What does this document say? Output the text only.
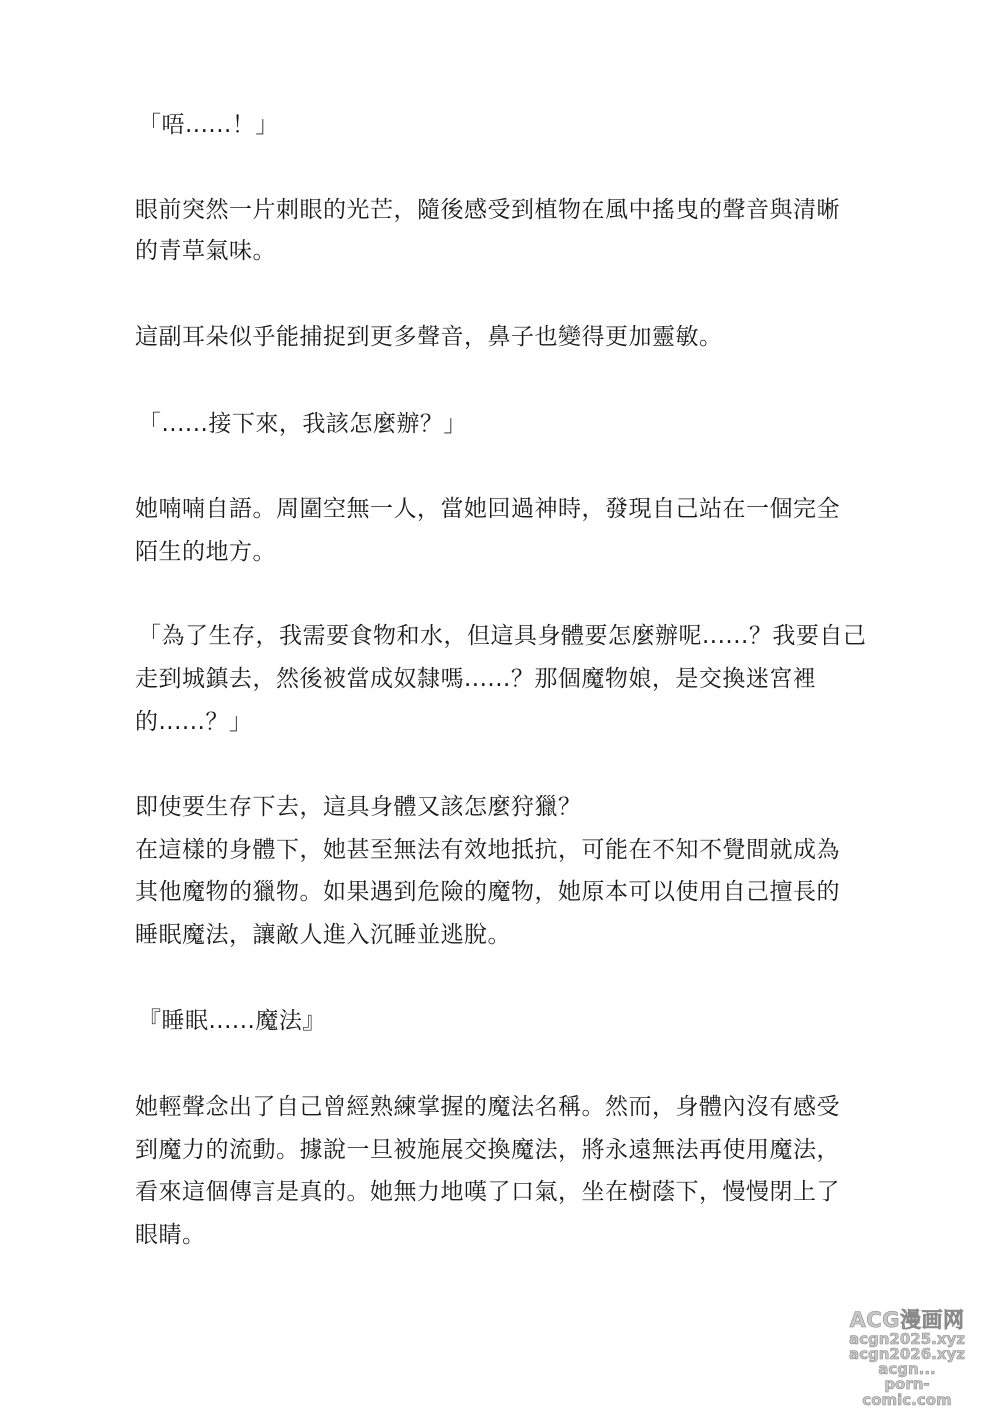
「唔......！」
眼前突然一片刺眼的光芒，隨後感受到植物在風中搖曳的聲音與清晰
的青草氣味。
這副耳朵似乎能捕捉到更多聲音，鼻子也變得更加靈敏。
「......接下來，我該怎麼辦？」
她喃喃自語。周圍空無一人，當她回過神時，發現自己站在一個完全
陌生的地方。
「為了生存，我需要食物和水，但這具身體要怎麼辦呢......？我要自己
走到城鎮去，然後被當成奴隸嗎......？那個魔物娘，是交換迷宮裡
的......？」
即使要生存下去，這具身體又該怎麼狩獵？
在這樣的身體下，她甚至無法有效地抵抗，可能在不知不覺間就成為
其他魔物的獵物。如果遇到危險的魔物，她原本可以使用自己擅長的
睡眠魔法，讓敵人進入沉睡並逃脫。
『睡眠......魔法』
她輕聲念出了自己曾經熟練掌握的魔法名稱。然而，身體內沒有感受
到魔力的流動。據說一旦被施展交換魔法，將永遠無法再使用魔法，
看來這個傳言是真的。她無力地嘆了口氣，坐在樹蔭下，慢慢閉上了
眼睛。
ACG漫画网
acgn2025.xyz
acgn2026.xyz
acgn...
porn-comic.com
